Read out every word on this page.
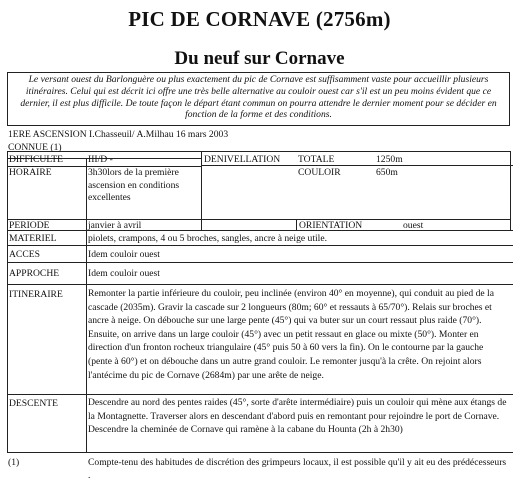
PIC DE CORNAVE (2756m)
Du neuf sur Cornave
Le versant ouest du Barlonguère ou plus exactement du pic de Cornave est suffisamment vaste pour accueillir plusieurs itinéraires. Celui qui est décrit ici offre une très belle alternative au couloir ouest car s'il est un peu moins évident que ce dernier, il est plus difficile. De toute façon le départ étant commun on pourra attendre le dernier moment pour se décider en fonction de la forme et des conditions.
1ERE ASCENSION I.Chasseuil/ A.Milhau 16 mars 2003
CONNUE (1)
DIFFICULTE	III/D -	DENIVELLATION TOTALE	1250m
COULOIR	650m
HORAIRE	3h30lors de la première ascension en conditions excellentes
PERIODE	janvier à avril	ORIENTATION	ouest
MATERIEL	piolets, crampons, 4 ou 5 broches, sangles, ancre à neige utile.
ACCES	Idem couloir ouest
APPROCHE	Idem couloir ouest
ITINERAIRE	Remonter la partie inférieure du couloir, peu inclinée (environ 40° en moyenne), qui conduit au pied de la cascade (2035m). Gravir la cascade sur 2 longueurs (80m; 60° et ressauts à 65/70°). Relais sur broches et ancre à neige. On débouche sur une large pente (45°) qui va buter sur un court ressaut plus raide (70°). Ensuite, on arrive dans un large couloir (45°) avec un petit ressaut en glace ou mixte (50°). Monter en direction d'un fronton rocheux triangulaire (45° puis 50 à 60 vers la fin). On le contourne par la gauche (pente à 60°) et on débouche dans un autre grand couloir. Le remonter jusqu'à la crête. On rejoint alors l'antécime du pic de Cornave (2684m) par une arête de neige.
DESCENTE	Descendre au nord des pentes raides (45°, sorte d'arête intermédiaire) puis un couloir qui mène aux étangs de la Montagnette. Traverser alors en descendant d'abord puis en remontant pour rejoindre le port de Cornave. Descendre la cheminée de Cornave qui ramène à la cabane du Hounta (2h à 2h30)
(1)	Compte-tenu des habitudes de discrétion des grimpeurs locaux, il est possible qu'il y ait eu des prédécesseurs .
